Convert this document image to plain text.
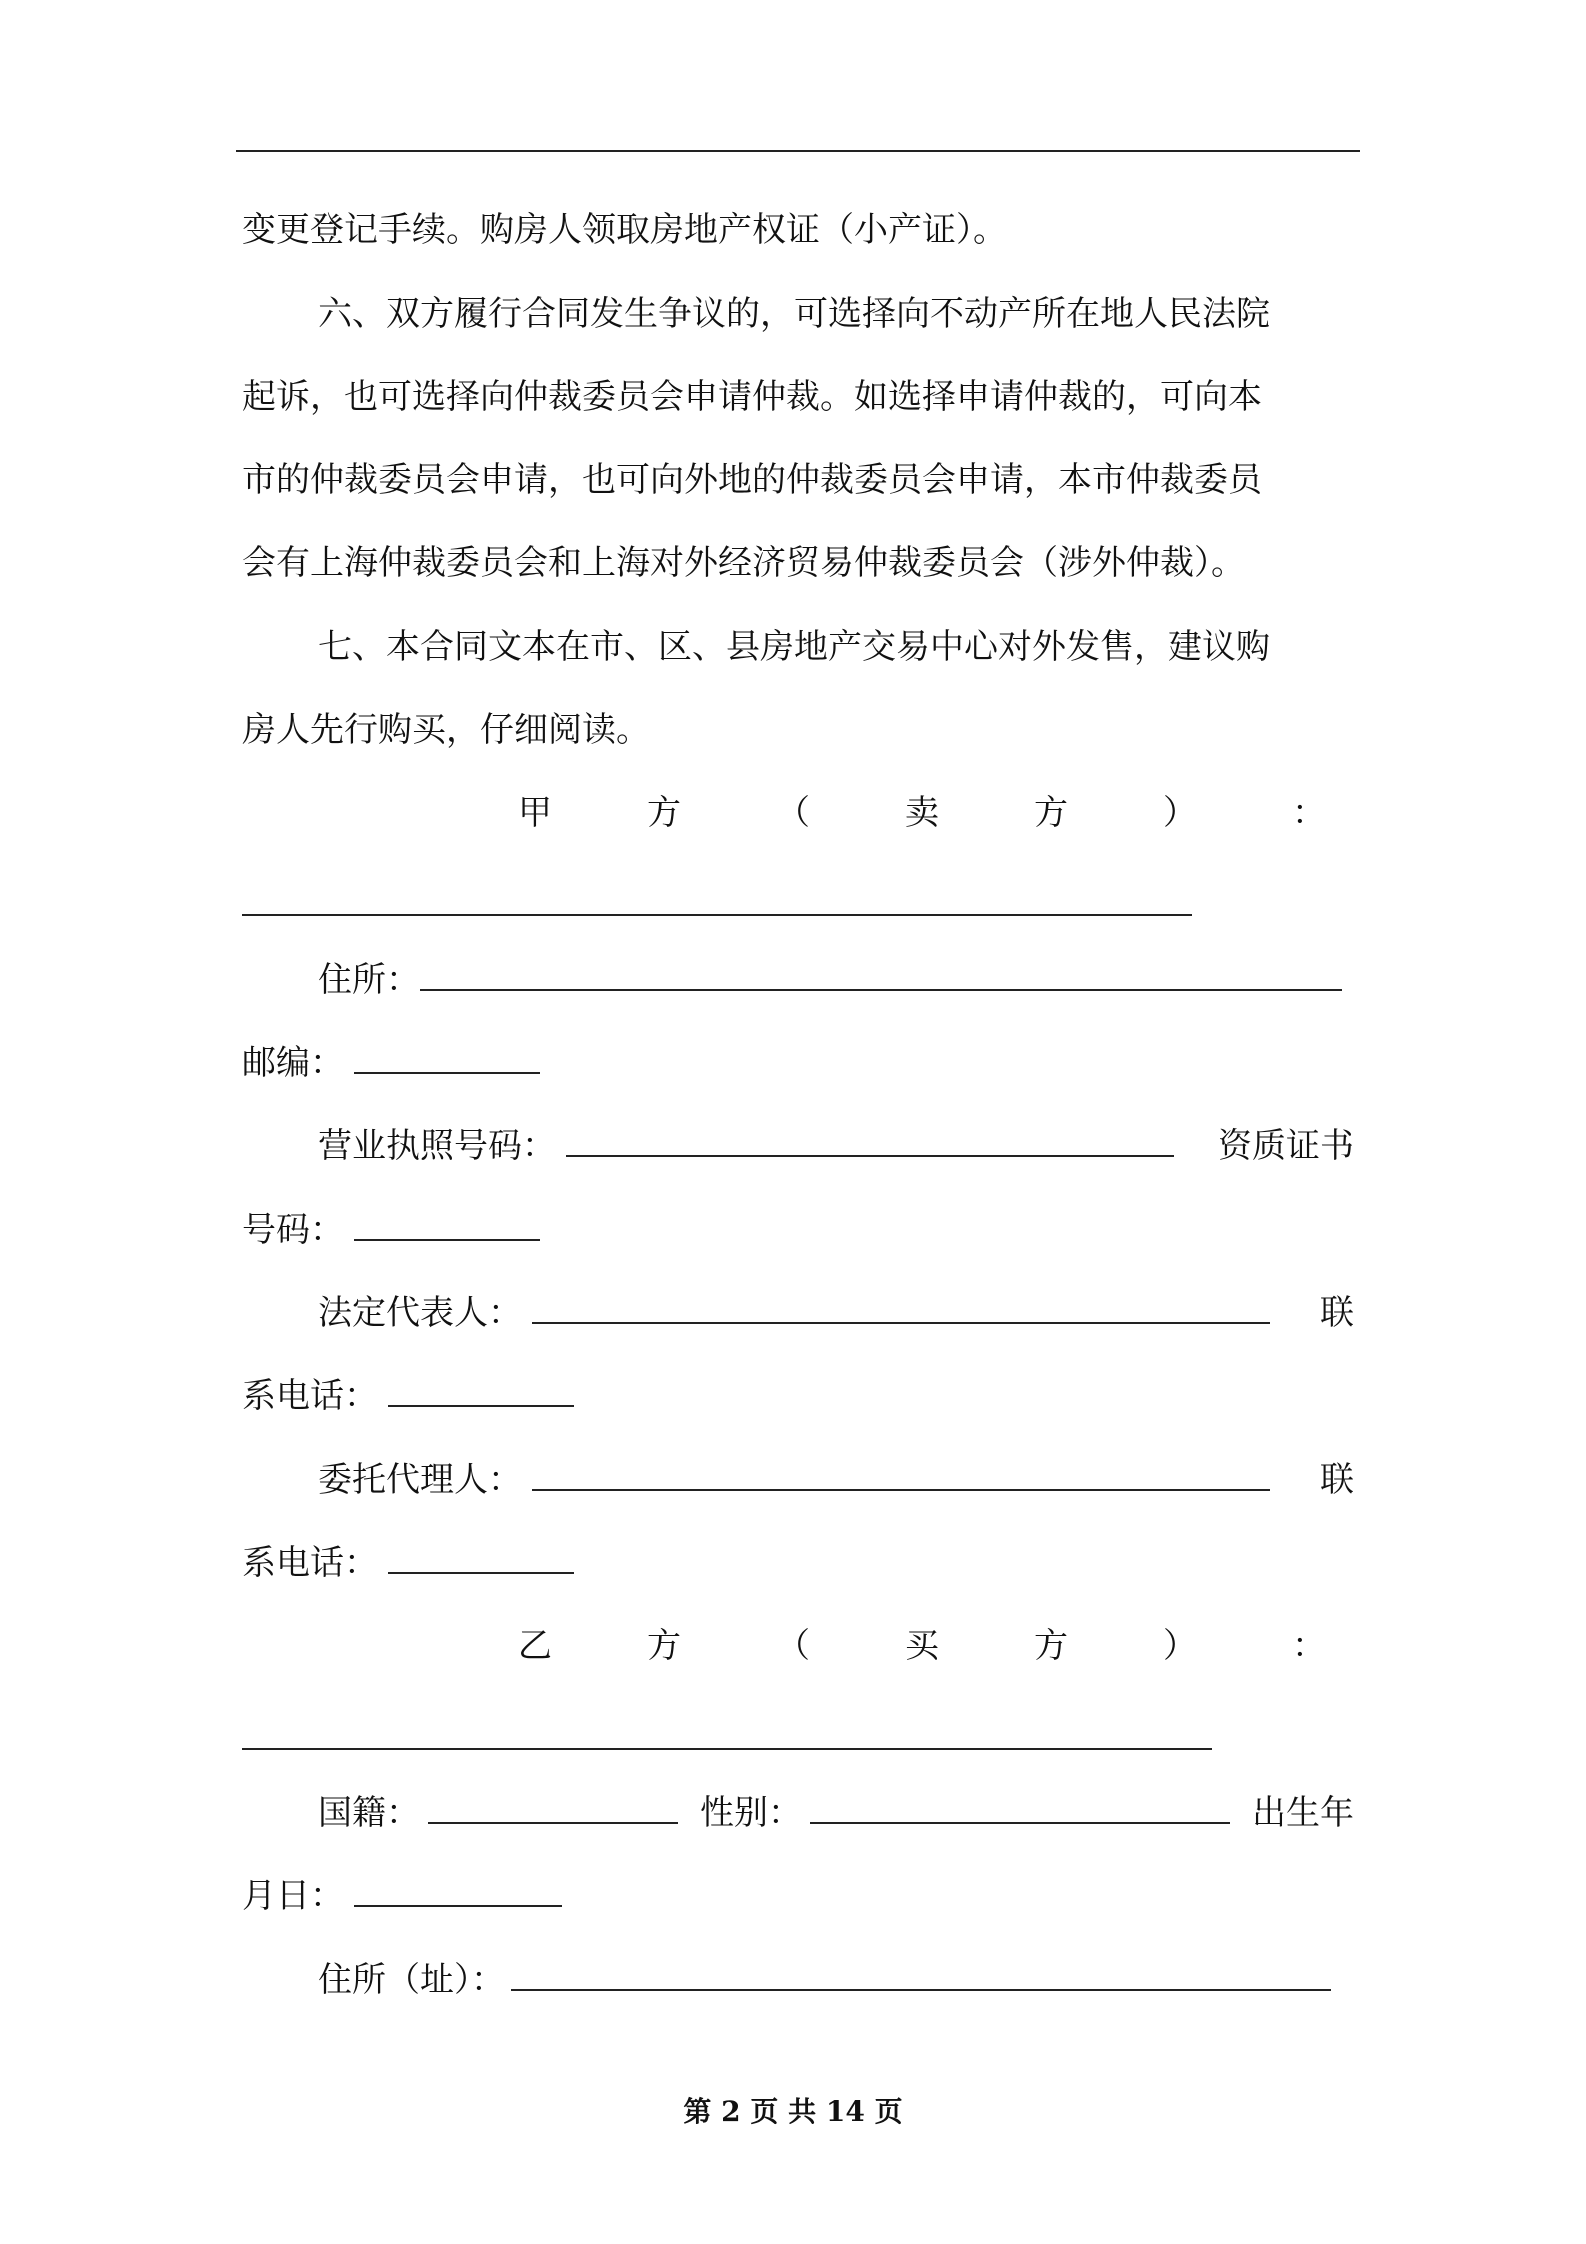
变更登记手续。购房人领取房地产权证（小产证）。
六、双方履行合同发生争议的，可选择向不动产所在地人民法院
起诉，也可选择向仲裁委员会申请仲裁。如选择申请仲裁的，可向本
市的仲裁委员会申请，也可向外地的仲裁委员会申请，本市仲裁委员
会有上海仲裁委员会和上海对外经济贸易仲裁委员会（涉外仲裁）。
七、本合同文本在市、区、县房地产交易中心对外发售，建议购
房人先行购买，仔细阅读。
甲	方	（	卖	方	）	：
住所：
邮编：
营业执照号码：	资质证书
号码：
法定代表人：	联
系电话：
委托代理人：	联
系电话：
乙	方	（	买	方	）	：
国籍：	性别：	出生年
月日：
住所（址）：
第 2 页 共 14 页
